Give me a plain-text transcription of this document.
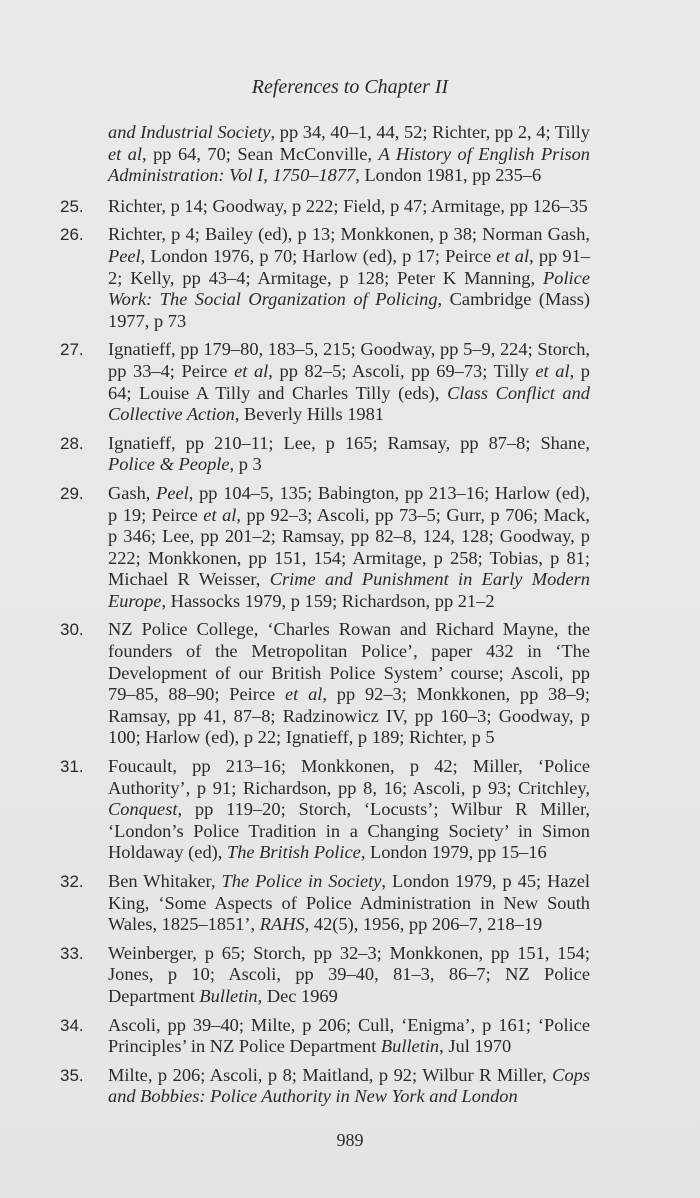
References to Chapter II
and Industrial Society, pp 34, 40–1, 44, 52; Richter, pp 2, 4; Tilly et al, pp 64, 70; Sean McConville, A History of English Prison Administration: Vol I, 1750–1877, London 1981, pp 235–6
25. Richter, p 14; Goodway, p 222; Field, p 47; Armitage, pp 126–35
26. Richter, p 4; Bailey (ed), p 13; Monkkonen, p 38; Norman Gash, Peel, London 1976, p 70; Harlow (ed), p 17; Peirce et al, pp 91–2; Kelly, pp 43–4; Armitage, p 128; Peter K Manning, Police Work: The Social Organization of Policing, Cambridge (Mass) 1977, p 73
27. Ignatieff, pp 179–80, 183–5, 215; Goodway, pp 5–9, 224; Storch, pp 33–4; Peirce et al, pp 82–5; Ascoli, pp 69–73; Tilly et al, p 64; Louise A Tilly and Charles Tilly (eds), Class Conflict and Collective Action, Beverly Hills 1981
28. Ignatieff, pp 210–11; Lee, p 165; Ramsay, pp 87–8; Shane, Police & People, p 3
29. Gash, Peel, pp 104–5, 135; Babington, pp 213–16; Harlow (ed), p 19; Peirce et al, pp 92–3; Ascoli, pp 73–5; Gurr, p 706; Mack, p 346; Lee, pp 201–2; Ramsay, pp 82–8, 124, 128; Goodway, p 222; Monkkonen, pp 151, 154; Armitage, p 258; Tobias, p 81; Michael R Weisser, Crime and Punishment in Early Modern Europe, Hassocks 1979, p 159; Richardson, pp 21–2
30. NZ Police College, ‘Charles Rowan and Richard Mayne, the founders of the Metropolitan Police’, paper 432 in ‘The Development of our British Police System’ course; Ascoli, pp 79–85, 88–90; Peirce et al, pp 92–3; Monkkonen, pp 38–9; Ramsay, pp 41, 87–8; Radzinowicz IV, pp 160–3; Goodway, p 100; Harlow (ed), p 22; Ignatieff, p 189; Richter, p 5
31. Foucault, pp 213–16; Monkkonen, p 42; Miller, ‘Police Authority’, p 91; Richardson, pp 8, 16; Ascoli, p 93; Critchley, Conquest, pp 119–20; Storch, ‘Locusts’; Wilbur R Miller, ‘London’s Police Tradition in a Changing Society’ in Simon Holdaway (ed), The British Police, London 1979, pp 15–16
32. Ben Whitaker, The Police in Society, London 1979, p 45; Hazel King, ‘Some Aspects of Police Administration in New South Wales, 1825–1851’, RAHS, 42(5), 1956, pp 206–7, 218–19
33. Weinberger, p 65; Storch, pp 32–3; Monkkonen, pp 151, 154; Jones, p 10; Ascoli, pp 39–40, 81–3, 86–7; NZ Police Department Bulletin, Dec 1969
34. Ascoli, pp 39–40; Milte, p 206; Cull, ‘Enigma’, p 161; ‘Police Principles’ in NZ Police Department Bulletin, Jul 1970
35. Milte, p 206; Ascoli, p 8; Maitland, p 92; Wilbur R Miller, Cops and Bobbies: Police Authority in New York and London
989
